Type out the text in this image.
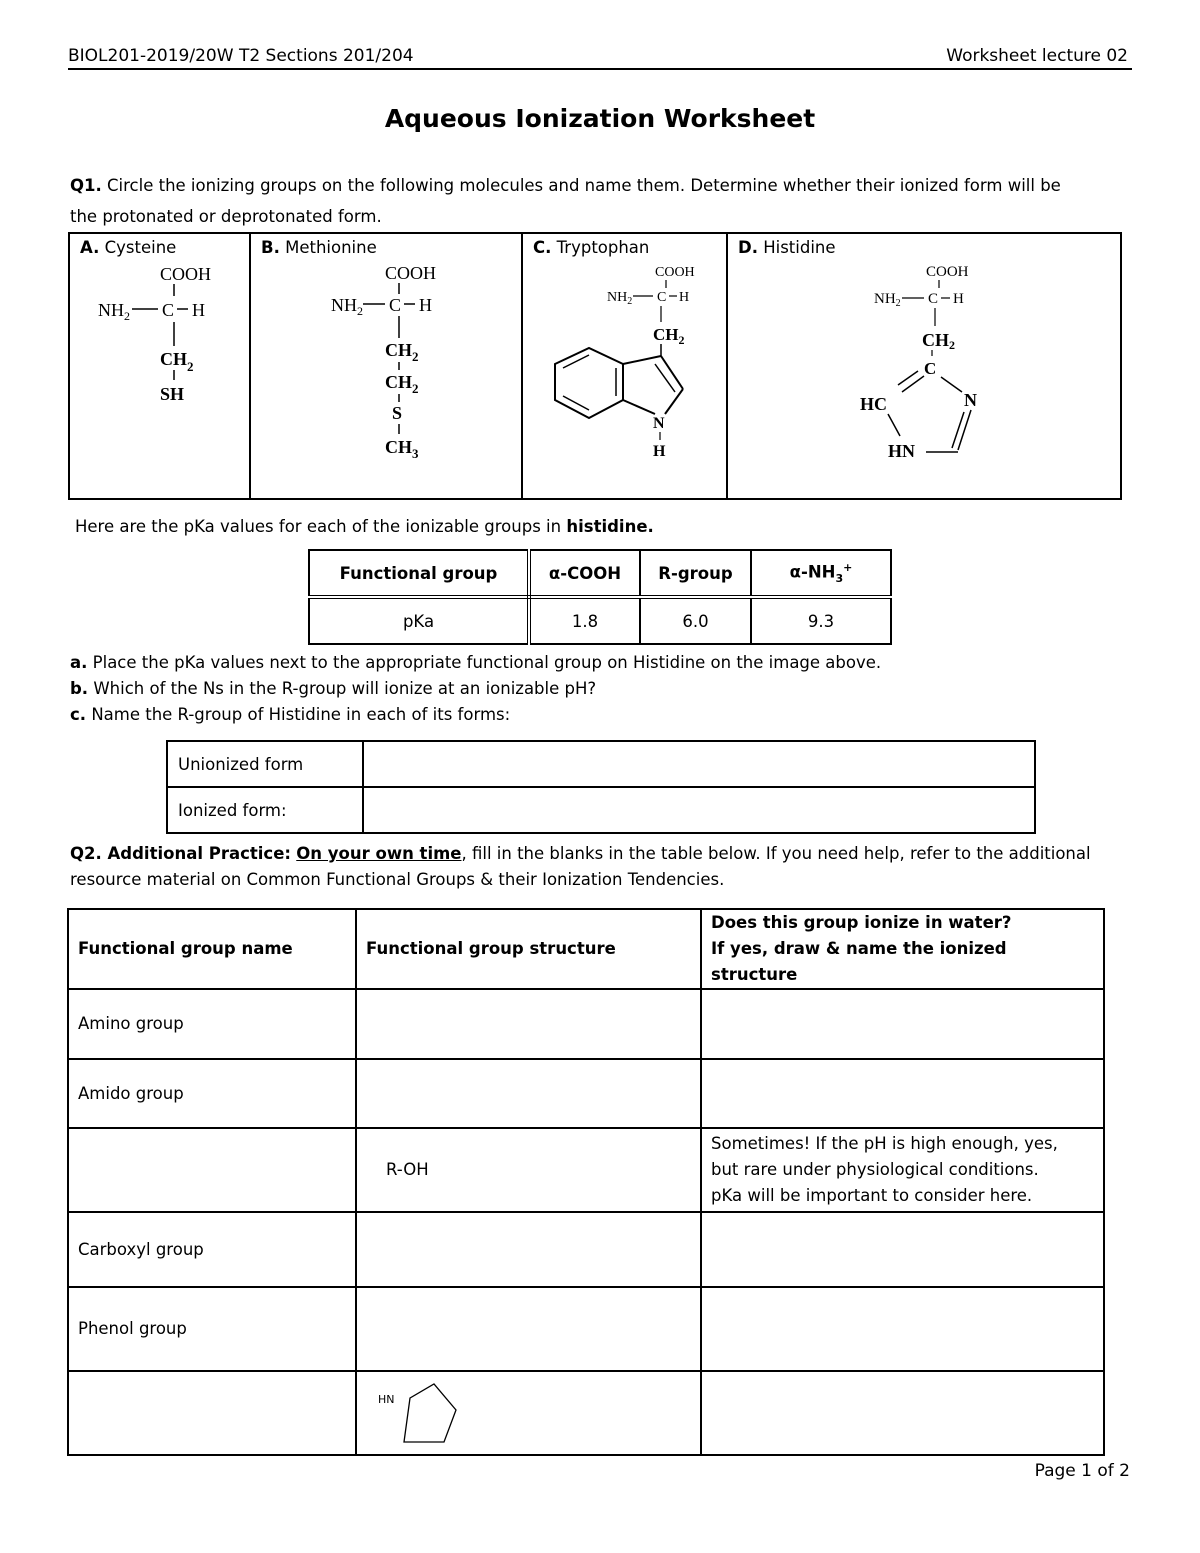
BIOL201-2019/20W T2 Sections 201/204	Worksheet lecture 02
Aqueous Ionization Worksheet
Q1. Circle the ionizing groups on the following molecules and name them. Determine whether their ionized form will be
the protonated or deprotonated form.
A. Cysteine
COOH
$NH_2$ C H
$CH_2$
SH

B. Methionine
COOH
$NH_2$ C H
$CH_2$
$CH_2$
S
$CH_3$

C. Tryptophan
COOH
$NH_2$ C H
$CH_2$
N
H

D. Histidine
COOH
$NH_2$ C H
CH2
C
HC	N
HN
Here are the pKa values for each of the ionizable groups in histidine.
Functional group	α-COOH	R-group	$\alpha-NH_3^+$
pKa	1.8	6.0	9.3
a. Place the pKa values next to the appropriate functional group on Histidine on the image above.
b. Which of the Ns in the R-group will ionize at an ionizable pH?
c. Name the R-group of Histidine in each of its forms:
Unionized form	
Ionized form:	
Q2. Additional Practice: On your own time, fill in the blanks in the table below. If you need help, refer to the additional
resource material on Common Functional Groups & their Ionization Tendencies.
Functional group name	Functional group structure	Does this group ionize in water?
If yes, draw & name the ionized structure
Amino group		
Amido group		
	R-OH	Sometimes! If the pH is high enough, yes,
but rare under physiological conditions.
pKa will be important to consider here.

Carboxyl group		
Phenol group		

HN	

Page 1 of 2
